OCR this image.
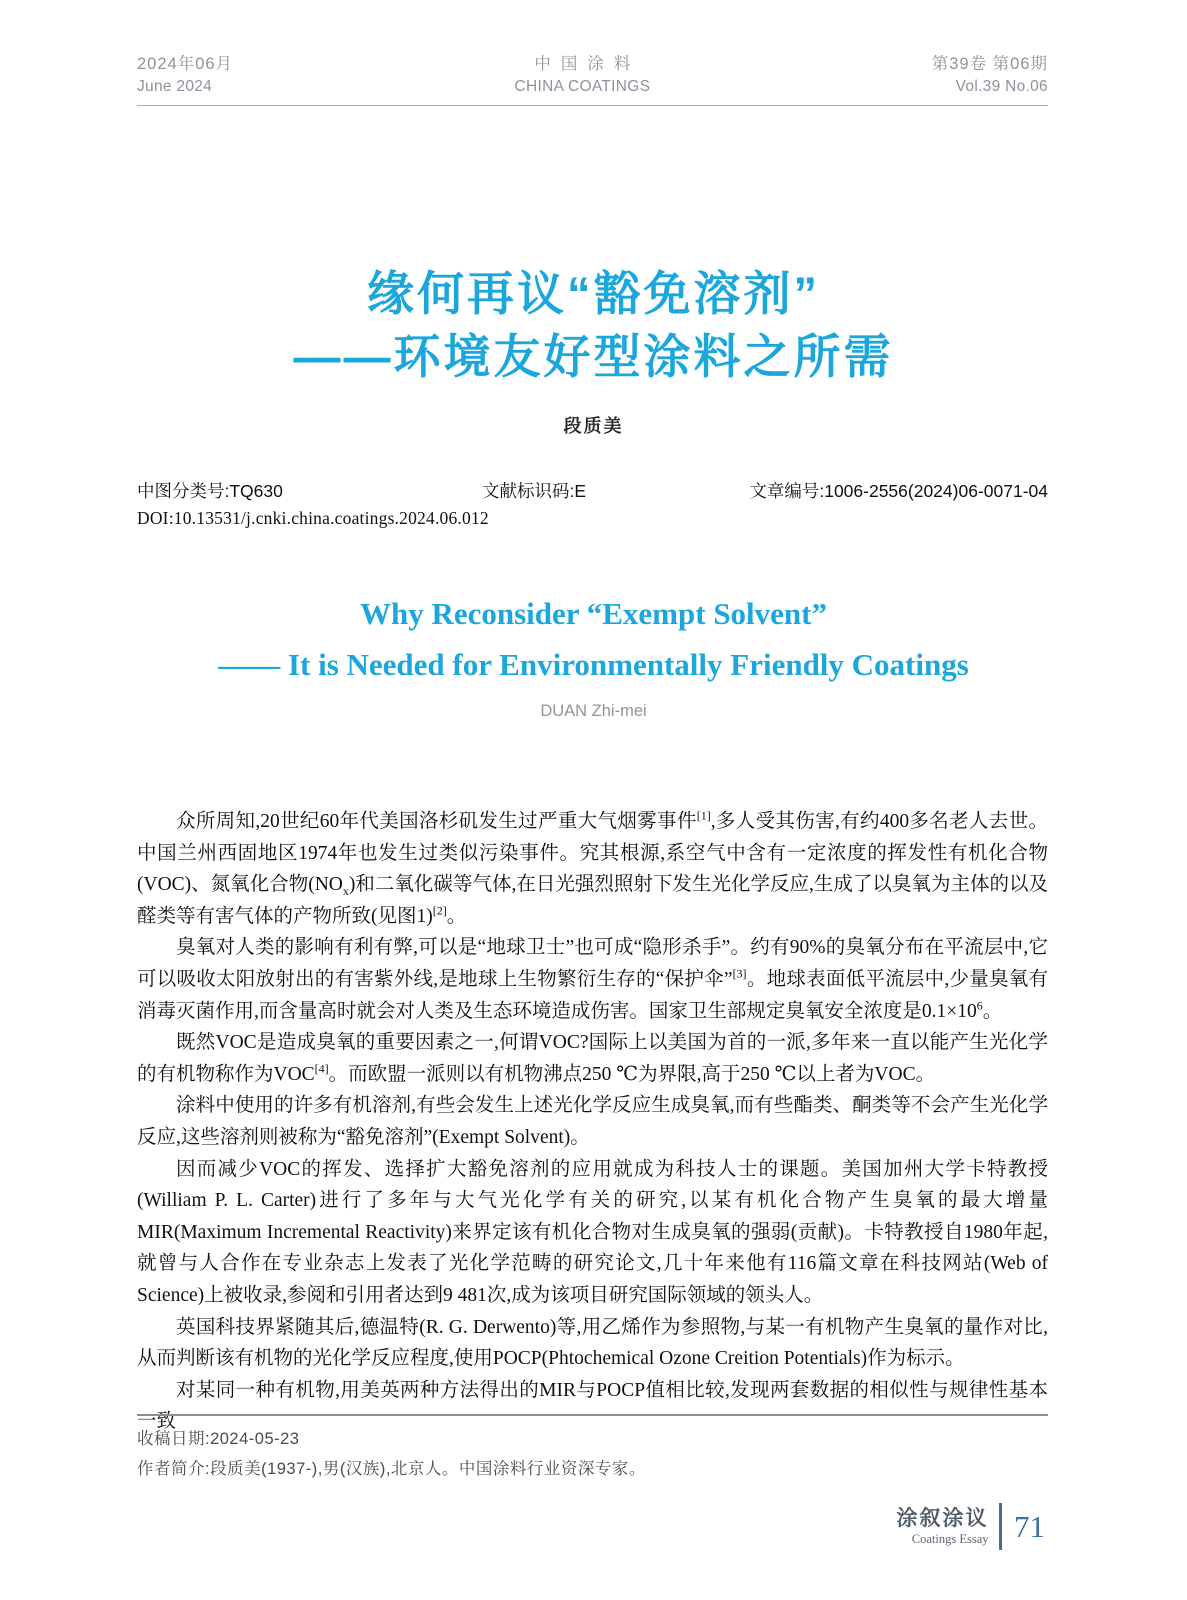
2024年06月
June 2024
中国涂料
CHINA COATINGS
第39卷 第06期
Vol.39 No.06
缘何再议“豁免溶剂”
——环境友好型涂料之所需
段质美
中图分类号:TQ630	文献标识码:E	文章编号:1006-2556(2024)06-0071-04
DOI:10.13531/j.cnki.china.coatings.2024.06.012
Why Reconsider “Exempt Solvent”
—— It is Needed for Environmentally Friendly Coatings
DUAN Zhi-mei

众所周知,20世纪60年代美国洛杉矶发生过严重大气烟雾事件[1],多人受其伤害,有约400多名老人去世。中国兰州西固地区1974年也发生过类似污染事件。究其根源,系空气中含有一定浓度的挥发性有机化合物(VOC)、氮氧化合物$(NO_x)$和二氧化碳等气体,在日光强烈照射下发生光化学反应,生成了以臭氧为主体的以及醛类等有害气体的产物所致(见图1)[2]。

臭氧对人类的影响有利有弊,可以是“地球卫士”也可成“隐形杀手”。约有90%的臭氧分布在平流层中,它可以吸收太阳放射出的有害紫外线,是地球上生物繁衍生存的“保护伞”[3]。地球表面低平流层中,少量臭氧有消毒灭菌作用,而含量高时就会对人类及生态环境造成伤害。国家卫生部规定臭氧安全浓度是$0.1\times 10^6$。

既然VOC是造成臭氧的重要因素之一,何谓VOC?国际上以美国为首的一派,多年来一直以能产生光化学的有机物称作为VOC[4]。而欧盟一派则以有机物沸点250 ℃为界限,高于250 ℃以上者为VOC。

涂料中使用的许多有机溶剂,有些会发生上述光化学反应生成臭氧,而有些酯类、酮类等不会产生光化学反应,这些溶剂则被称为“豁免溶剂”(Exempt Solvent)。

因而减少VOC的挥发、选择扩大豁免溶剂的应用就成为科技人士的课题。美国加州大学卡特教授(William P. L. Carter)进行了多年与大气光化学有关的研究,以某有机化合物产生臭氧的最大增量MIR(Maximum Incremental Reactivity)来界定该有机化合物对生成臭氧的强弱(贡献)。卡特教授自1980年起,就曾与人合作在专业杂志上发表了光化学范畴的研究论文,几十年来他有116篇文章在科技网站(Web of Science)上被收录,参阅和引用者达到9 481次,成为该项目研究国际领域的领头人。

英国科技界紧随其后,德温特(R. G. Derwento)等,用乙烯作为参照物,与某一有机物产生臭氧的量作对比,从而判断该有机物的光化学反应程度,使用POCP(Phtochemical Ozone Creition Potentials)作为标示。

对某同一种有机物,用美英两种方法得出的MIR与POCP值相比较,发现两套数据的相似性与规律性基本一致

收稿日期:2024-05-23
作者简介:段质美(1937-),男(汉族),北京人。中国涂料行业资深专家。
涂叙涂议
Coatings Essay 71
